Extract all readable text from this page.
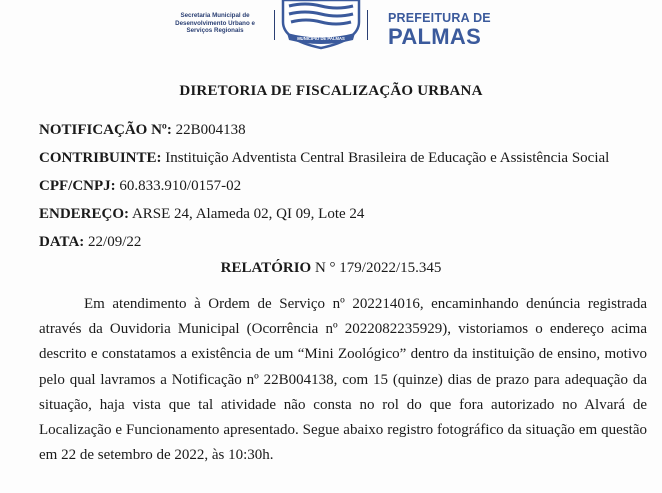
Secretaria Municipal de
Desenvolvimento Urbano e
Serviços Regionais
MUNICÍPIO DE PALMAS
PREFEITURA DE
PALMAS
DIRETORIA DE FISCALIZAÇÃO URBANA
NOTIFICAÇÃO Nº: 22B004138
CONTRIBUINTE: Instituição Adventista Central Brasileira de Educação e Assistência Social
CPF/CNPJ: 60.833.910/0157-02
ENDEREÇO: ARSE 24, Alameda 02, QI 09, Lote 24
DATA: 22/09/22
RELATÓRIO N ° 179/2022/15.345
Em atendimento à Ordem de Serviço nº 202214016, encaminhando denúncia registrada através da Ouvidoria Municipal (Ocorrência nº 2022082235929), vistoriamos o endereço acima descrito e constatamos a existência de um “Mini Zoológico” dentro da instituição de ensino, motivo pelo qual lavramos a Notificação nº 22B004138, com 15 (quinze) dias de prazo para adequação da situação, haja vista que tal atividade não consta no rol do que fora autorizado no Alvará de Localização e Funcionamento apresentado. Segue abaixo registro fotográfico da situação em questão em 22 de setembro de 2022, às 10:30h.
